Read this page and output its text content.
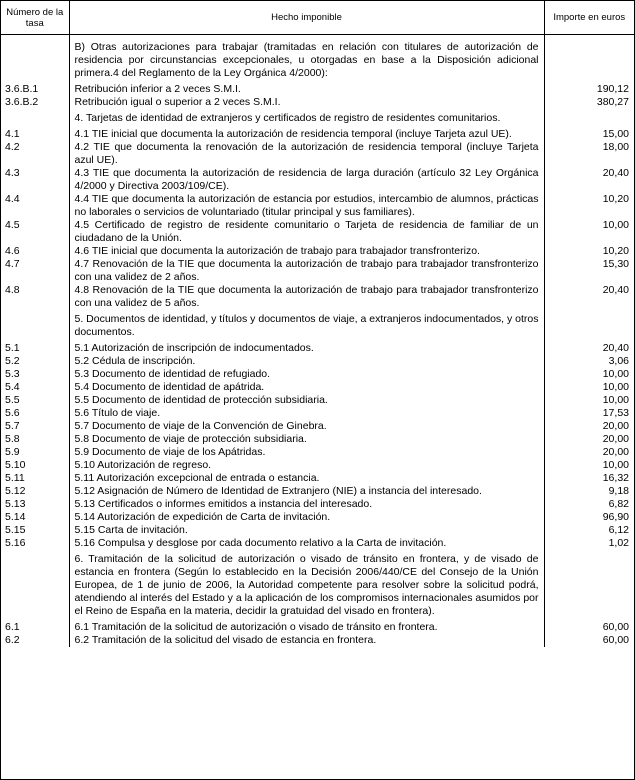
Número de la tasa	Hecho imponible	Importe en euros
	B) Otras autorizaciones para trabajar (tramitadas en relación con titulares de autorización de residencia por circunstancias excepcionales, u otorgadas en base a la Disposición adicional primera.4 del Reglamento de la Ley Orgánica 4/2000):	
3.6.B.1	Retribución inferior a 2 veces S.M.I.	190,12
3.6.B.2	Retribución igual o superior a 2 veces S.M.I.	380,27
	4. Tarjetas de identidad de extranjeros y certificados de registro de residentes comunitarios.	
4.1	4.1 TIE inicial que documenta la autorización de residencia temporal (incluye Tarjeta azul UE).	15,00
4.2	4.2 TIE que documenta la renovación de la autorización de residencia temporal (incluye Tarjeta azul UE).	18,00
4.3	4.3 TIE que documenta la autorización de residencia de larga duración (artículo 32 Ley Orgánica 4/2000 y Directiva 2003/109/CE).	20,40
4.4	4.4 TIE que documenta la autorización de estancia por estudios, intercambio de alumnos, prácticas no laborales o servicios de voluntariado (titular principal y sus familiares).	10,20
4.5	4.5 Certificado de registro de residente comunitario o Tarjeta de residencia de familiar de un ciudadano de la Unión.	10,00
4.6	4.6 TIE inicial que documenta la autorización de trabajo para trabajador transfronterizo.	10,20
4.7	4.7 Renovación de la TIE que documenta la autorización de trabajo para trabajador transfronterizo con una validez de 2 años.	15,30
4.8	4.8 Renovación de la TIE que documenta la autorización de trabajo para trabajador transfronterizo con una validez de 5 años.	20,40
	5. Documentos de identidad, y títulos y documentos de viaje, a extranjeros indocumentados, y otros documentos.	
5.1	5.1 Autorización de inscripción de indocumentados.	20,40
5.2	5.2 Cédula de inscripción.	3,06
5.3	5.3 Documento de identidad de refugiado.	10,00
5.4	5.4 Documento de identidad de apátrida.	10,00
5.5	5.5 Documento de identidad de protección subsidiaria.	10,00
5.6	5.6 Título de viaje.	17,53
5.7	5.7 Documento de viaje de la Convención de Ginebra.	20,00
5.8	5.8 Documento de viaje de protección subsidiaria.	20,00
5.9	5.9 Documento de viaje de los Apátridas.	20,00
5.10	5.10 Autorización de regreso.	10,00
5.11	5.11 Autorización excepcional de entrada o estancia.	16,32
5.12	5.12 Asignación de Número de Identidad de Extranjero (NIE) a instancia del interesado.	9,18
5.13	5.13 Certificados o informes emitidos a instancia del interesado.	6,82
5.14	5.14 Autorización de expedición de Carta de invitación.	96,90
5.15	5.15 Carta de invitación.	6,12
5.16	5.16 Compulsa y desglose por cada documento relativo a la Carta de invitación.	1,02
	6. Tramitación de la solicitud de autorización o visado de tránsito en frontera, y de visado de estancia en frontera (Según lo establecido en la Decisión 2006/440/CE del Consejo de la Unión Europea, de 1 de junio de 2006, la Autoridad competente para resolver sobre la solicitud podrá, atendiendo al interés del Estado y a la aplicación de los compromisos internacionales asumidos por el Reino de España en la materia, decidir la gratuidad del visado en frontera).	
6.1	6.1 Tramitación de la solicitud de autorización o visado de tránsito en frontera.	60,00
6.2	6.2 Tramitación de la solicitud del visado de estancia en frontera.	60,00
